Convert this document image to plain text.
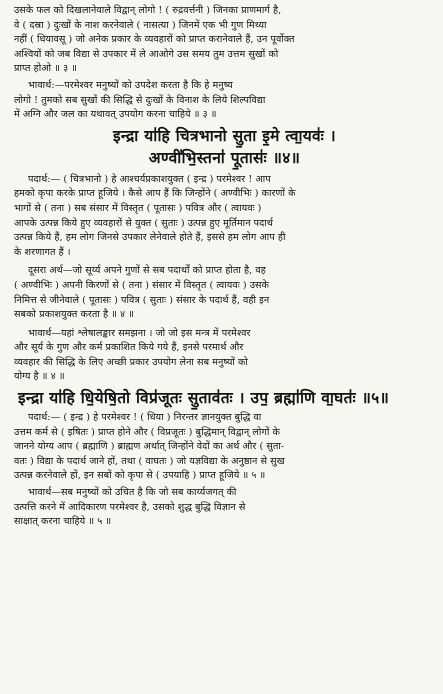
उसके फल को दिखलानेवाले विद्वान् लोगो ! ( रुद्रवर्त्तनी ) जिनका प्राणमार्ग है,
वे ( दस्रा ) दुःखों के नाश करनेवाले ( नासत्या ) जिनमें एक भी गुण मिथ्या
नहीं ( धियावसू ) जो अनेक प्रकार के व्यवहारों को प्राप्त करानेवाले हैं, उन पूर्वोक्त
अश्वियों को जब विद्या से उपकार में ले आओगे उस समय तुम उत्तम सुखों को
प्राप्त होओ ॥ ३ ॥
भावार्थ:—परमेश्वर मनुष्यों को उपदेश करता है कि हे मनुष्य
लोगो ! तुमको सब सुखों की सिद्धि से दुःखों के विनाश के लिये शिल्पविद्या
में अग्नि और जल का यथावत् उपयोग करना चाहिये ॥ ३ ॥
इन्द्रा या॑हि चित्रभानो सु॒ता इ॒मे त्वा॒यवः॑ ।
अण्वी॑भि॒स्तना॑ पू॒तासः॑ ॥४॥
पदार्थ:— ( चित्रभानो ) हे आश्चर्यप्रकाशयुक्त ( इन्द्र ) परमेश्वर ! आप
हमको कृपा करके प्राप्त हूजिये । कैसे आप हैं कि जिन्होंने ( अण्वीभिः ) कारणों के
भागों से ( तना ) सब संसार में विस्तृत ( पूतासः ) पवित्र और ( त्वायवः )
आपके उत्पन्न किये हुए व्यवहारों से युक्त ( सुताः ) उत्पन्न हुए मूर्तिमान पदार्थ
उत्पन्न किये हैं, हम लोग जिनसे उपकार लेनेवाले होते हैं, इससे हम लोग आप ही
के शरणागत हैं ।
दूसरा अर्थ—जो सूर्य्य अपने गुणों से सब पदार्थों को प्राप्त होता है, वह
( अण्वीभिः ) अपनी किरणों से ( तना ) संसार में विस्तृत ( त्वायवः ) उसके
निमित्त से जीनेवाले ( पूतासः ) पवित्र ( सुताः ) संसार के पदार्थ हैं, वही इन
सबको प्रकाशयुक्त करता है ॥ ४ ॥
भावार्थ—यहां श्लेषालङ्कार समझना । जो जो इस मन्त्र में परमेश्वर
और सूर्य के गुण और कर्म प्रकाशित किये गये हैं, इनसे परमार्थ और
व्यवहार की सिद्धि के लिए अच्छी प्रकार उपयोग लेना सब मनुष्यों को
योग्य है ॥ ४ ॥
इन्द्रा या॑हि धि॒येषि॒तो विप्र॑जूतः सु॒ताव॑तः । उप॒ ब्रह्मा॑णि वा॒घतः॑ ॥५॥
पदार्थ:— ( इन्द्र ) हे परमेश्वर ! ( धिया ) निरन्तर ज्ञानयुक्त बुद्धि वा
उत्तम कर्म से ( इषितः ) प्राप्त होने और ( विप्रजूतः ) बुद्धिमान् विद्वान् लोगों के
जानने योग्य आप ( ब्रह्माणि ) ब्राह्मण अर्थात् जिन्होंने वेदों का अर्थ और ( सुता-
वतः ) विद्या के पदार्थ जाने हों, तथा ( वाघतः ) जो यज्ञविद्या के अनुष्ठान से सुख
उत्पन्न करनेवाले हों, इन सबों को कृपा से ( उपयाहि ) प्राप्त हूजिये ॥ ५ ॥
भावार्थ—सब मनुष्यों को उचित है कि जो सब कार्य्यजगत् की
उत्पत्ति करने में आदिकारण परमेश्वर है, उसको शुद्ध बुद्धि विज्ञान से
साक्षात् करना चाहिये ॥ ५ ॥
